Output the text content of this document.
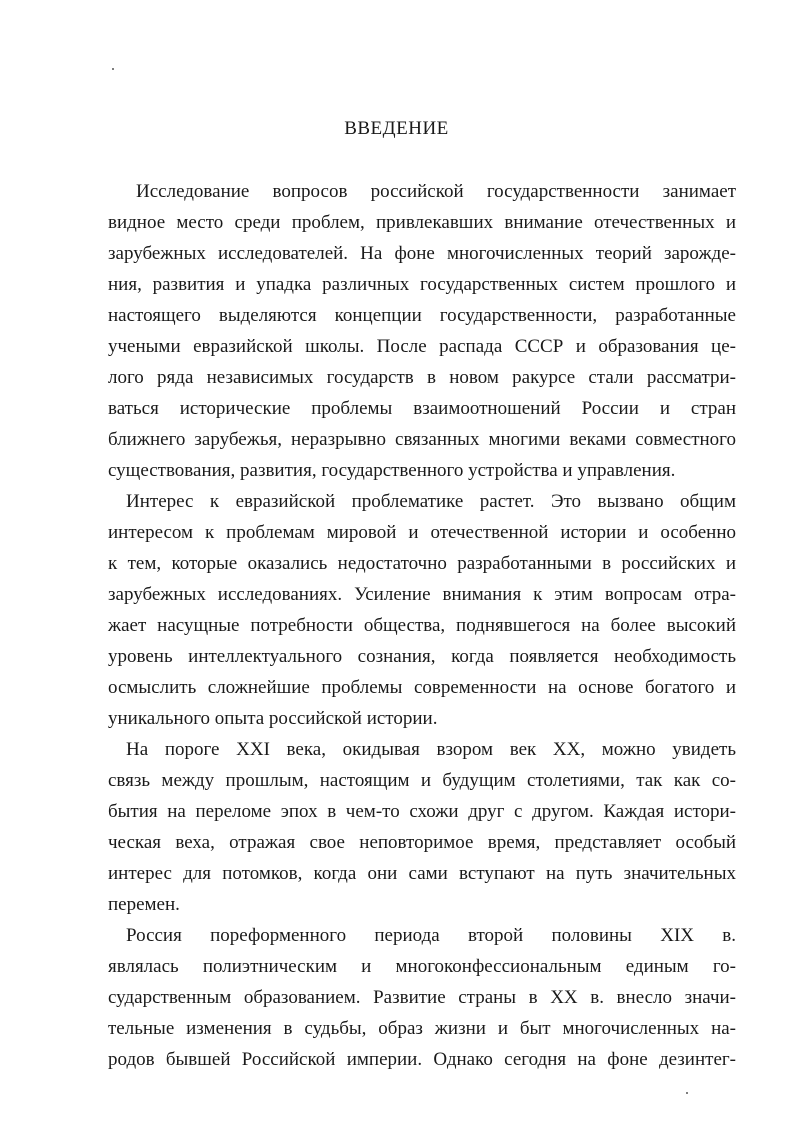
ВВЕДЕНИЕ
Исследование вопросов российской государственности занимает
видное место среди проблем, привлекавших внимание отечественных и
зарубежных исследователей. На фоне многочисленных теорий зарожде-
ния, развития и упадка различных государственных систем прошлого и
настоящего выделяются концепции государственности, разработанные
учеными евразийской школы. После распада СССР и образования це-
лого ряда независимых государств в новом ракурсе стали рассматри-
ваться исторические проблемы взаимоотношений России и стран
ближнего зарубежья, неразрывно связанных многими веками совместного
существования, развития, государственного устройства и управления.
Интерес к евразийской проблематике растет. Это вызвано общим
интересом к проблемам мировой и отечественной истории и особенно
к тем, которые оказались недостаточно разработанными в российских и
зарубежных исследованиях. Усиление внимания к этим вопросам отра-
жает насущные потребности общества, поднявшегося на более высокий
уровень интеллектуального сознания, когда появляется необходимость
осмыслить сложнейшие проблемы современности на основе богатого и
уникального опыта российской истории.
На пороге XXI века, окидывая взором век XX, можно увидеть
связь между прошлым, настоящим и будущим столетиями, так как со-
бытия на переломе эпох в чем-то схожи друг с другом. Каждая истори-
ческая веха, отражая свое неповторимое время, представляет особый
интерес для потомков, когда они сами вступают на путь значительных
перемен.
Россия пореформенного периода второй половины XIX в.
являлась полиэтническим и многоконфессиональным единым го-
сударственным образованием. Развитие страны в XX в. внесло значи-
тельные изменения в судьбы, образ жизни и быт многочисленных на-
родов бывшей Российской империи. Однако сегодня на фоне дезинтег-
